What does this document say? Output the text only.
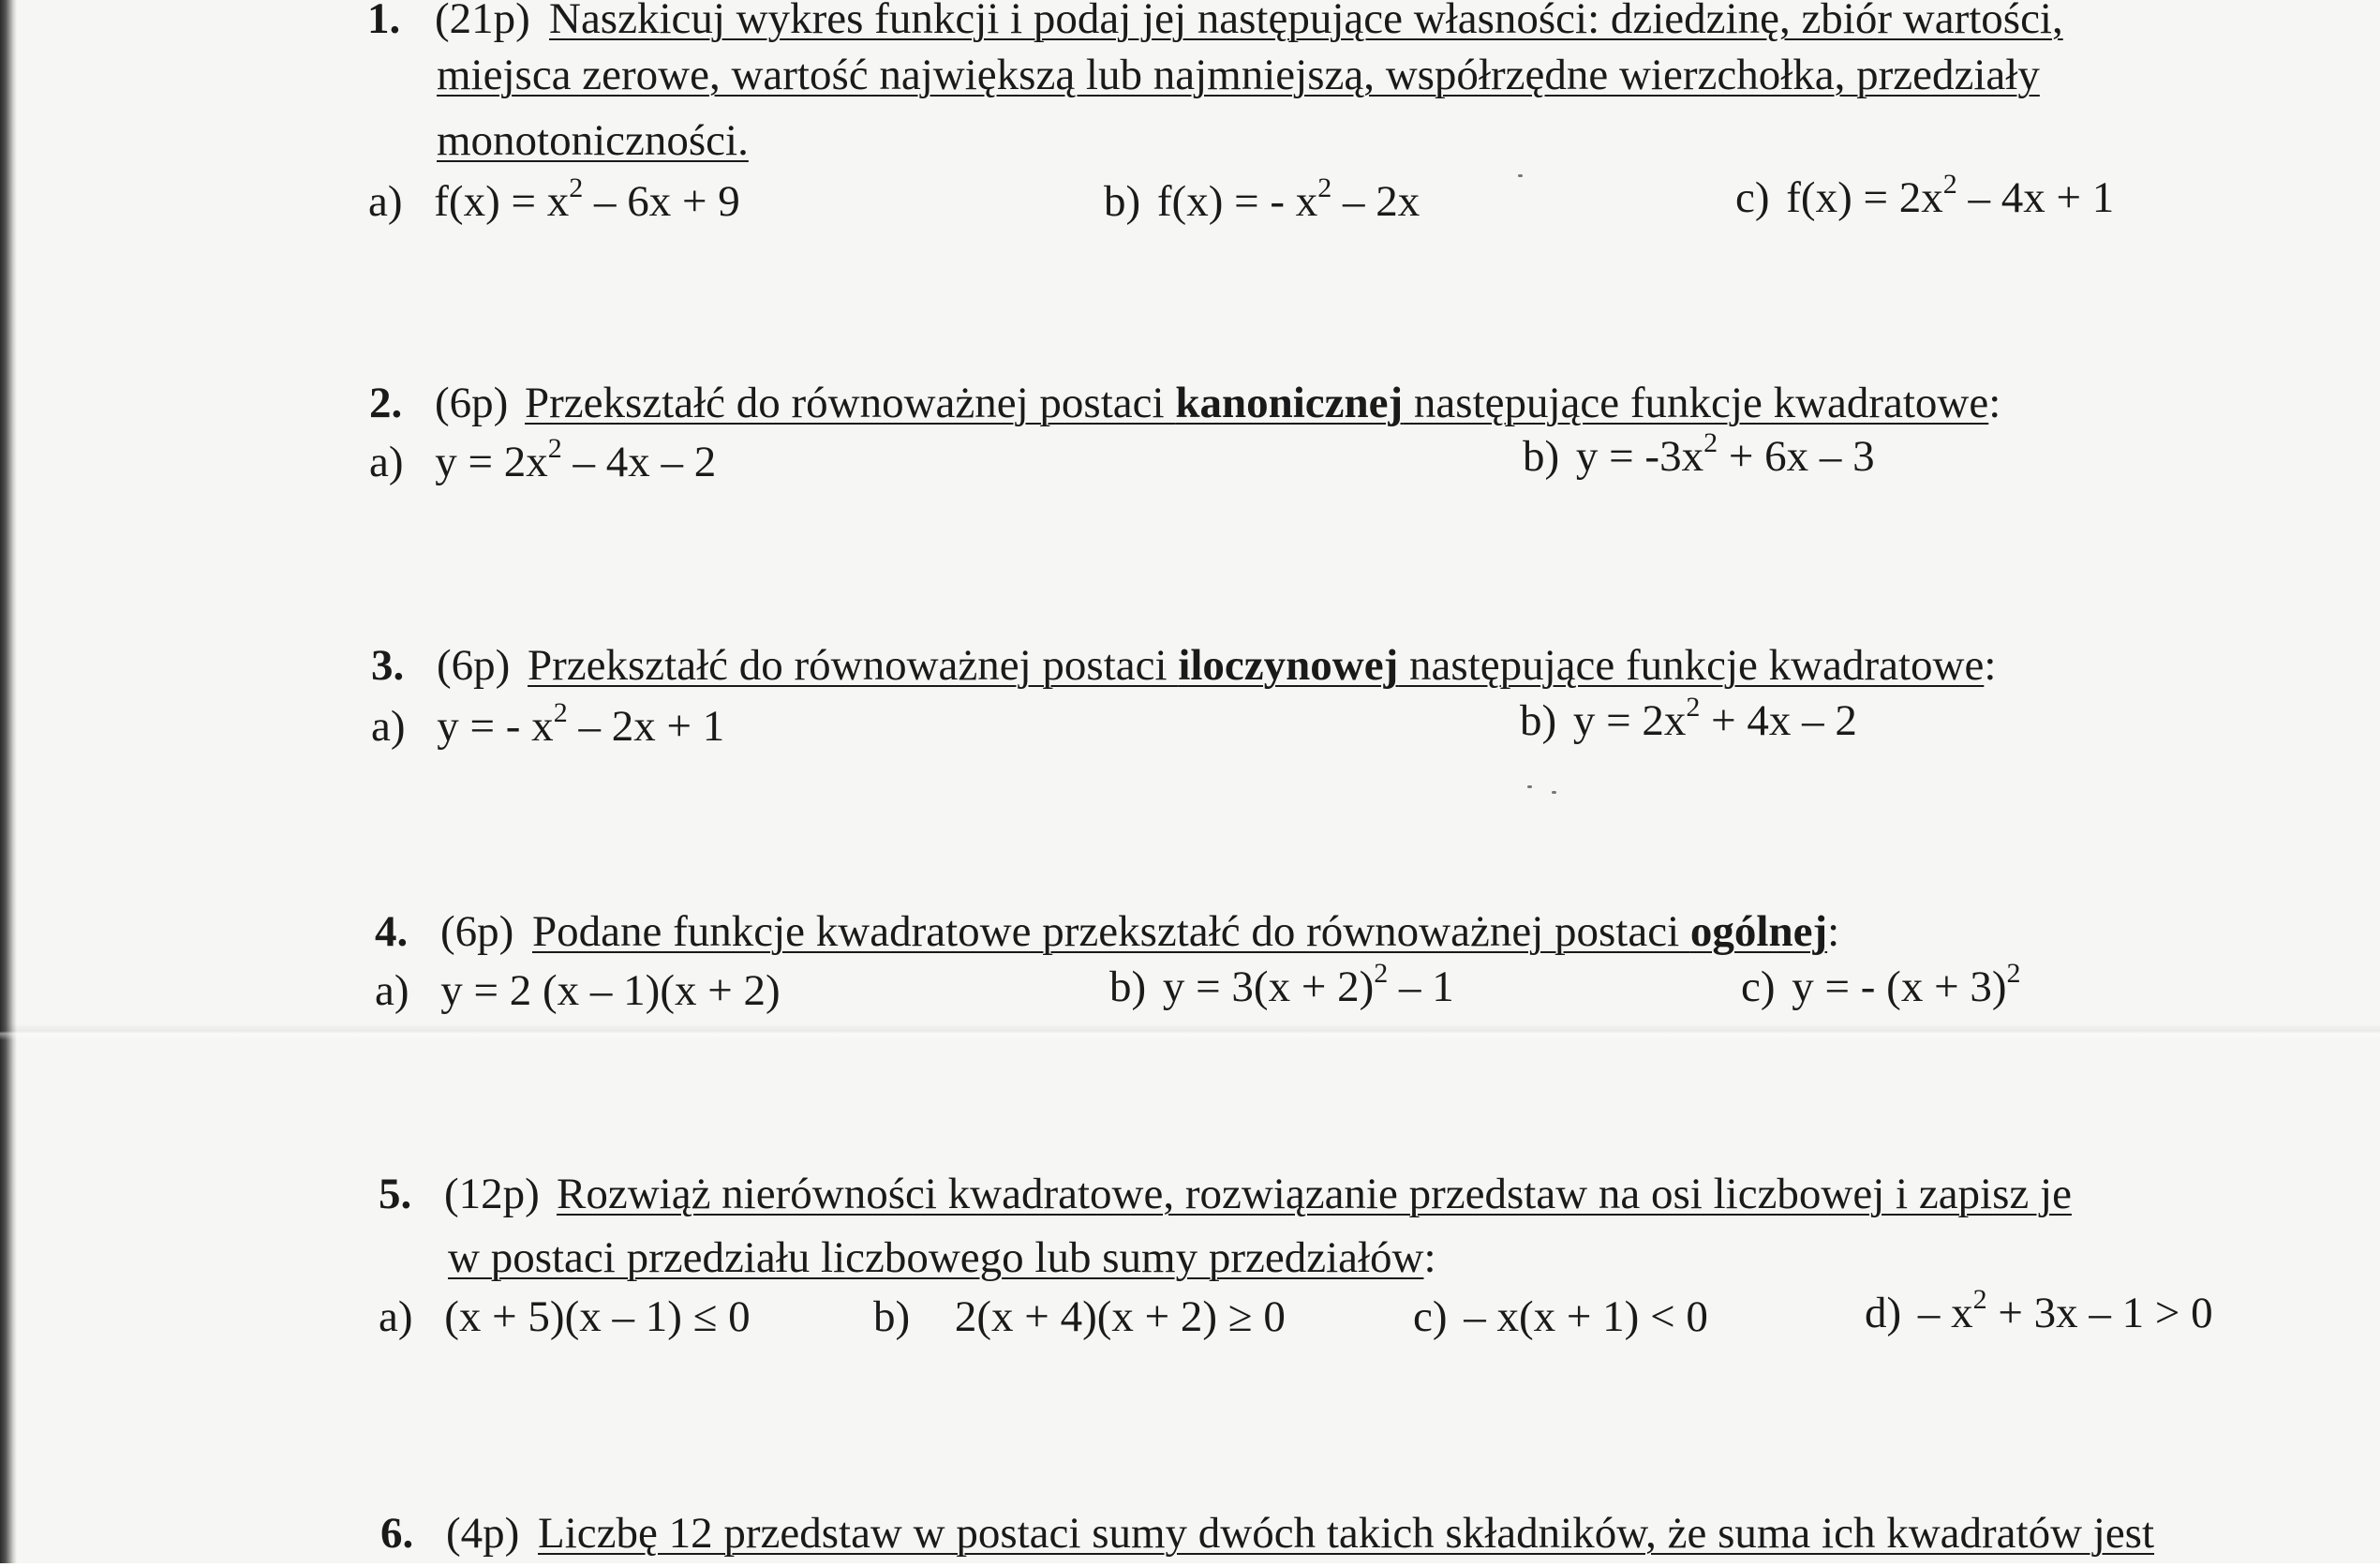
1. (21p) Naszkicuj wykres funkcji i podaj jej następujące własności: dziedzinę, zbiór wartości,
miejsca zerowe, wartość największą lub najmniejszą, współrzędne wierzchołka, przedziały
monotoniczności.
a) $f(x) = x^2 - 6x + 9$	b) f(x) = - $x^2 - 2x$	c) $f(x) = 2x^2 - 4x + 1$
2. (6p) Przekształć do równoważnej postaci kanonicznej następujące funkcje kwadratowe:
a) $y = 2x^2 - 4x - 2$	b) $y = -3x^2 + 6x - 3$
3. (6p) Przekształć do równoważnej postaci iloczynowej następujące funkcje kwadratowe:
a) y = - $x^2 - 2x + 1$	b) $y = 2x^2 + 4x - 2$
4. (6p) Podane funkcje kwadratowe przekształć do równoważnej postaci ogólnej:
a) y = 2 (x – 1)(x + 2)	b) $y = 3(x + 2)^2 - 1$	c) y = - $(x + 3)^2$
5. (12p) Rozwiąż nierówności kwadratowe, rozwiązanie przedstaw na osi liczbowej i zapisz je
w postaci przedziału liczbowego lub sumy przedziałów:
a) (x + 5)(x – 1) ≤ 0	b) 2(x + 4)(x + 2) ≥ 0	c) – x(x + 1) < 0	$d) - x^2 + 3x - 1 > 0$
6. (4p) Liczbę 12 przedstaw w postaci sumy dwóch takich składników, że suma ich kwadratów jest
